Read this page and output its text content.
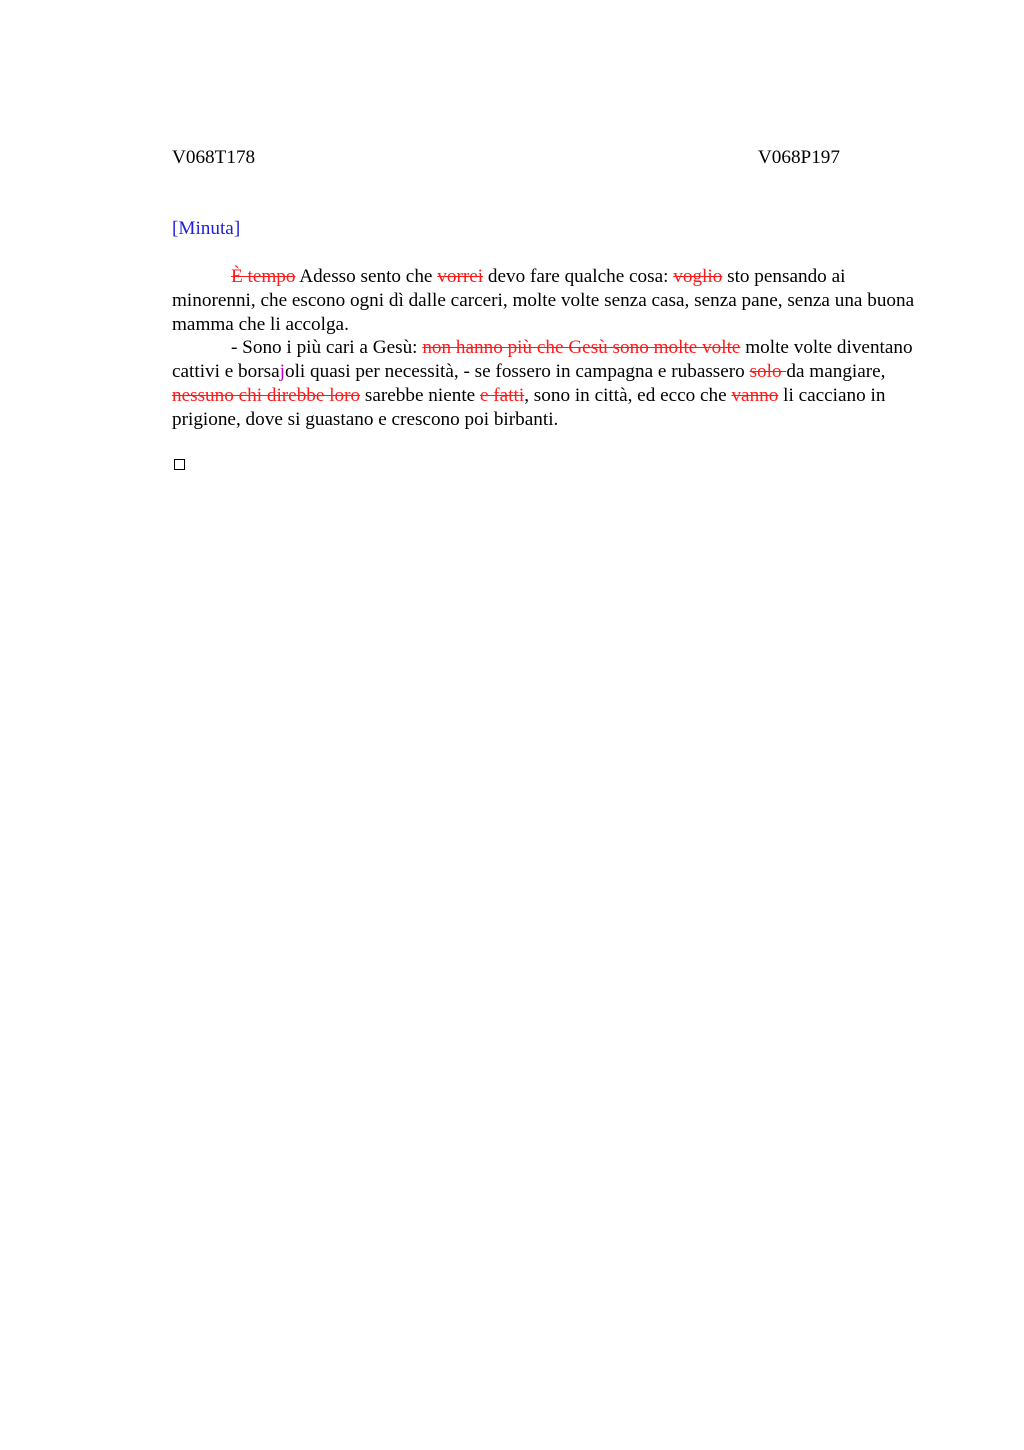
V068T178	V068P197
[Minuta]

È tempo Adesso sento che vorrei devo fare qualche cosa: voglio sto pensando ai minorenni, che escono ogni dì dalle carceri, molte volte senza casa, senza pane, senza una buona mamma che li accolga.

- Sono i più cari a Gesù: non hanno più che Gesù sono molte volte molte volte diventano cattivi e borsajoli quasi per necessità, - se fossero in campagna e rubassero solo da mangiare, nessuno chi direbbe loro sarebbe niente e fatti, sono in città, ed ecco che vanno li cacciano in prigione, dove si guastano e crescono poi birbanti.
